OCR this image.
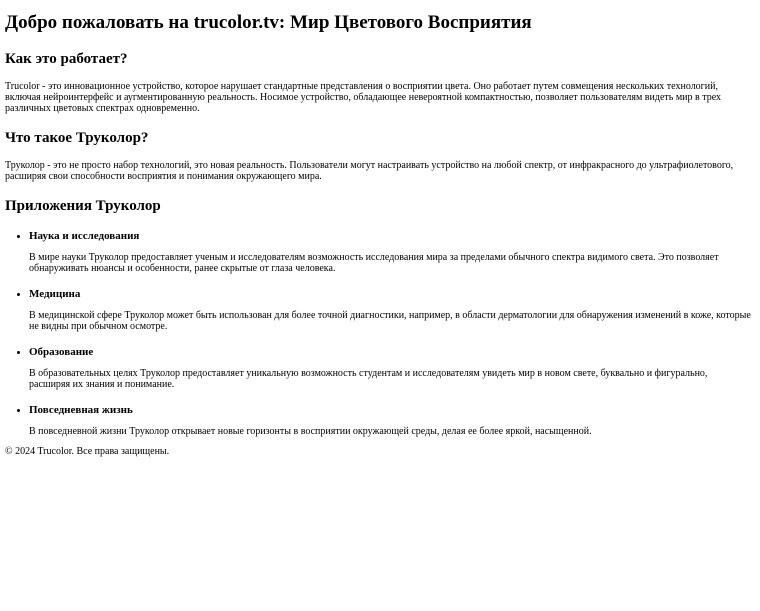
Добро пожаловать на trucolor.tv: Мир Цветового Восприятия
Как это работает?

Trucolor - это инновационное устройство, которое нарушает стандартные представления о восприятии цвета. Оно работает путем совмещения нескольких технологий, включая нейроинтерфейс и аугментированную реальность. Носимое устройство, обладающее невероятной компактностью, позволяет пользователям видеть мир в трех различных цветовых спектрах одновременно.

Что такое Труколор?

Труколор - это не просто набор технологий, это новая реальность. Пользователи могут настраивать устройство на любой спектр, от инфракрасного до ультрафиолетового, расширяя свои способности восприятия и понимания окружающего мира.

Приложения Труколор
• Наука и исследования

В мире науки Труколор предоставляет ученым и исследователям возможность исследования мира за пределами обычного спектра видимого света. Это позволяет обнаруживать нюансы и особенности, ранее скрытые от глаза человека.

• Медицина

В медицинской сфере Труколор может быть использован для более точной диагностики, например, в области дерматологии для обнаружения изменений в коже, которые не видны при обычном осмотре.

• Образование

В образовательных целях Труколор предоставляет уникальную возможность студентам и исследователям увидеть мир в новом свете, буквально и фигурально, расширяя их знания и понимание.

• Повседневная жизнь

В повседневной жизни Труколор открывает новые горизонты в восприятии окружающей среды, делая ее более яркой, насыщенной.

© 2024 Trucolor. Все права защищены.
